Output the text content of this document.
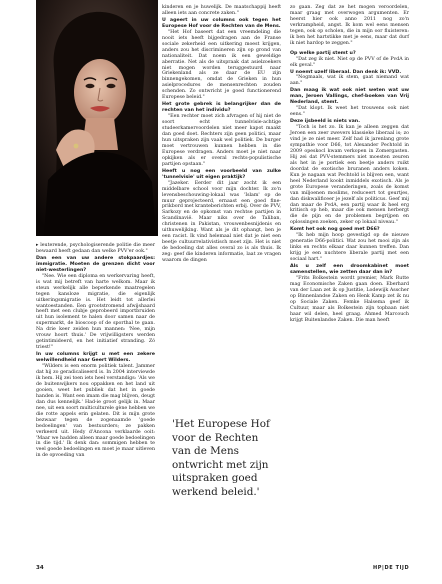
▸ leuterende, psychologiserende politie die meer bewaard heeft gedaan dan welke PVV'er ook."

Dan een van uw andere stokpaardjes: immigratie. Moeten de grenzen dicht voor niet-westerlingen?

"Nee. Wie een diploma en werkervaring heeft, is wat mij betreft van harte welkom. Maar ik steun werkelijk alle beperkende maatregelen tegen kansloze migratie, die eigenlijk uitkeringsmigratie is. Het leidt tot allerlei wantoestanden. Een grootstromend afwijshaard heeft met een clubje geprobeerd importbruiden uit hun isolement te halen door samen naar de supermarkt, de bioscoop of de sporthal te gaan. Na drie keer zeiden hun mannen: 'Nee, mijn vrouw hoort thuis.' De vrijwilligsters werden getintimideerd, en het initiatief stranding. Zó triest!"

In uw columns krijgt u met een zekere welwillendheid naar Geert Wilders.

"Wilders is een enorm politiek talent. Jammer dat hij zo geradicaliseerd is. In 2004 interviewde ik hem. Hij zei toen iets heel verstandigs: 'Als we de buitenwijkers nou oppakken en het land uit gooien, weet het publiek dat het in goede handen is. Want een imam die mag blijven, deugt dan dus kennelijk.' Had-ie groot gelijk in. Maar nee, uit een soort multiculturele gène hebben we die rotte appels erin gelaten. Dit is mijn grote bezwaar tegen de zogenaamde 'goede bedoelingen' van bestuurders; ze pakken verkeerd uit. Hedy d'Ancona verklaarde ooit: 'Maar we hadden alleen maar goede bedoelingen in die tijd.' Ik denk dan: sommigen hebben te veel goede bedoelingen en moet je maar uitleven in de opvoeding van

kinderen en je huwelijk. De maatschappij heeft alleen iets aan concrete zaken."

U ageert in uw columns ook tegen het Europese Hof voor de Rechten van de Mens.

"Het Hof baseert dat een vreemdeling die nooit iets heeft bijgedragen aan de Franse sociale zekerheid een uitkering moest krijgen, anders zou het discrimineren zijn op grond van nationaliteit. Dat noem ik een geweldige aberratie. Net als de uitspraak dat asielzoekers niet mogen worden teruggestuurd naar Griekenland als ze daar de EU zijn binnengekomen, omdat de Grieken in hun asielprocedures de mensenrechten zouden schenden. Zo ontwricht je goed functionerend Europese beleid."

Het grote gebrek is belangrijker dan de rechten van het individu?

"Een rechter moet zich afvragen of hij niet de soort echt tunnelvisie-achtige studeerkamervoordelen niet meer kapot maakt dan goed doet. Rechters zijn geen politici, maar hun uitspraken zijn vaak wel politiek. De burger moet vertrouwen kunnen hebben in die Europese verdragen. Anders moet je niet naar opkijken als er overal rechts-populistische partijen opstaan."

Heeft u nog een voorbeeld van zulke 'tunnelvisie' uit eigen praktijk?

"Jazeker. Eerder dit jaar zocht ik een middelbare school voor mijn dochter. Ik zo'n levensbeschouwing-lokaal was 'Islam' op de muur geprojecteerd, ernaast een goed fine-prikbord met kranteberichten erbij. Over de PVV, Sarkozy en de opkomst van rechtse partijen in Scandinavië. Maar niks over de Taliban, christenen in Pakistan, vrouwenbesnijdenis en uithuwelijking. Want als je dit ophangt, ben je een racist. Ik vind helemaal niet dat je niet een beetje cultuurrelativistisch moet zijn. Het is niet de bedoeling dat alles overal zo is als thuis. Ik zeg: geef die kinderen informatie, laat ze vragen waarom de dingen

zo gaan. Zeg dat ze het mogen veroordelen, maar graag met overwogen argumenten. Er heerst hier ook anno 2011 nog zo'n verkrampheid, angst. Ik kom wel eens mensen tegen, ook op scholen, die in mijn oor fluisteren: ik ben het hartstikke met je eens, maar dat durf ik niet hardop te zeggen."

Op welke partij stemt u?

"Dat zeg ik niet. Niet op de PVV of de PvdA in elk geval."

U noemt uzelf liberaal. Dan denk ik: VVD.

"Nogmaals, wat ik stem, gaat niemand wat aan."

Dan maag ik wat ook niet weten wat uw man, Jeroen Vallings, chef-boeken van Vrij Nederland, stemt.

"Dat klopt. Ik weet het trouwens ook niet eens."

Deze ijsbeeld is niets van.

"Toch is het zo. Ik kan je alleen zeggen dat Jeroen een zeer zwevers klassieke liberaal is; zo vind je ze niet meer. Zelf had ik jarenlang grote sympathie voor D66, tot Alexander Pechtold in 2009 opeskocl kwam verkopen in Zomergasten. Hij zei dat PVV-stemmers niet moesten zeuren als het in je portiek een beetje anders ruikt doordat de exotische bruranen anders koken. Kun je nagaan wat Pechtold is blijven een, want heel Nederland kookt inmiddels exotisch. Als je grote Europese veranderingen, zoals de komst van miljoenen moslims, reduceert tot geurtjes, dan diskwalificeer je jezelf als politicus. Geef mij dan maar de PvdA, een partij waar ik heel erg kritisch op heb, maar die ook mensen herbergt die de pijn en de problemen begrijpen en oplossingen zoeken, zeker op lokaal niveau."

Komt het ook nog goed met D66?

"Ik heb mijn hoop gevestigd op de nieuwe generatie D66-politici. Wat zou het mooi zijn als links en rechts elkaar daar kunnen treffen. Dan krijg je een nuchtere liberale partij met een sociaal hart."

Als u zelf een droomkabinet moet samenstellen, wie zetten daar dan in?

"Frits Bolkestein wordt premier, Mark Rutte mag Economische Zaken gaan doen. Eberhard van der Laan zet ik op Justitie, Lodewijk Asscher op Binnenlandse Zaken en Henk Kamp zet ik nu op Sociale Zaken. Femke Halsema geef ik Cultuur, maar als Bolkestein zijn topbaan niet haar wil delen, heel graag. Ahmed Marcouch krijgt Buitenlandse Zaken. Die man heeft

'Het Europese Hof voor de Rechten van de Mens ontwricht met zijn uitspraken goed werkend beleid.'
34	HP|DE TIJD
